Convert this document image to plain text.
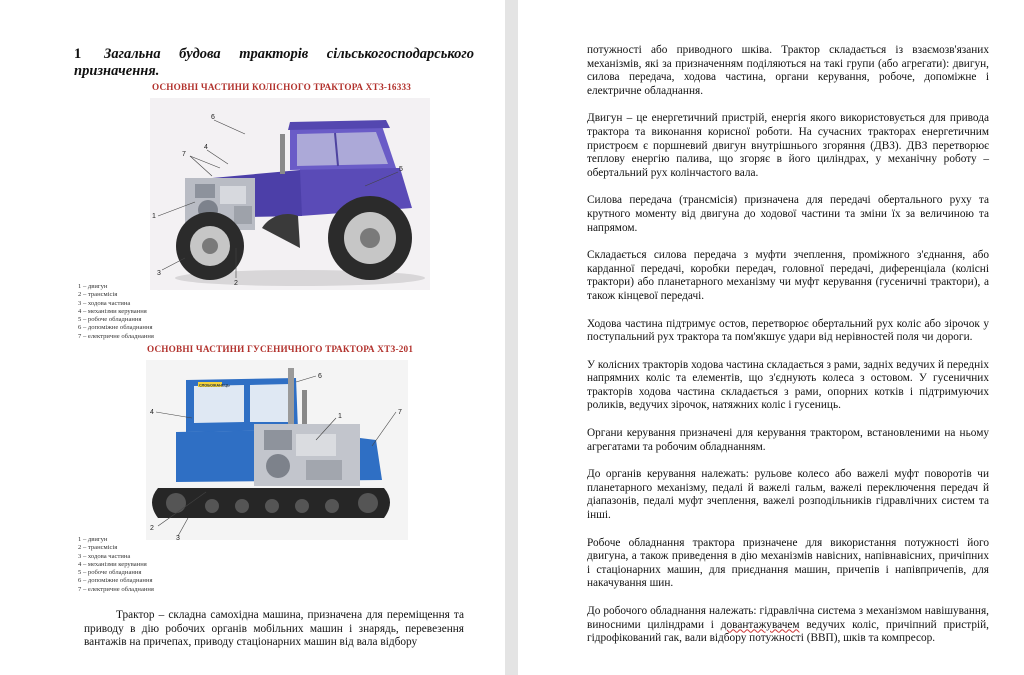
1 Загальна будова тракторів сільськогосподарського
призначення.
ОСНОВНІ ЧАСТИНИ КОЛІСНОГО ТРАКТОРА ХТЗ-16333
6
7
4
5
1
2
3
1 – двигун
2 – трансмісія
3 – ходова частина
4 – механізми керування
5 – робоче обладнання
6 – допоміжне обладнання
7 – електричне обладнання
ОСНОВНІ ЧАСТИНИ ГУСЕНИЧНОГО ТРАКТОРА ХТЗ-201
СЛОБОЖАНЕЦЬ
6
4
1
7
2
3
1 – двигун
2 – трансмісія
3 – ходова частина
4 – механізми керування
5 – робоче обладнання
6 – допоміжне обладнання
7 – електричне обладнання

Трактор – складна самохідна машина, призначена для переміщення та приводу в дію робочих органів мобільних машин і знарядь, перевезення вантажів на причепах, приводу стаціонарних машин від вала відбору

потужності або приводного шківа. Трактор складається із взаємозв'язаних механізмів, які за призначенням поділяються на такі групи (або агрегати): двигун, силова передача, ходова частина, органи керування, робоче, допоміжне і електричне обладнання.

Двигун – це енергетичний пристрій, енергія якого використовується для привода трактора та виконання корисної роботи. На сучасних тракторах енергетичним пристроєм є поршневий двигун внутрішнього згоряння (ДВЗ). ДВЗ перетворює теплову енергію палива, що згоряє в його циліндрах, у механічну роботу – обертальний рух колінчастого вала.

Силова передача (трансмісія) призначена для передачі обертального руху та крутного моменту від двигуна до ходової частини та зміни їх за величиною та напрямом.

Складається силова передача з муфти зчеплення, проміжного з'єднання, або карданної передачі, коробки передач, головної передачі, диференціала (колісні трактори) або планетарного механізму чи муфт керування (гусеничні трактори), а також кінцевої передачі.

Ходова частина підтримує остов, перетворює обертальний рух коліс або зірочок у поступальний рух трактора та пом'якшує удари від нерівностей поля чи дороги.

У колісних тракторів ходова частина складається з рами, задніх ведучих й передніх напрямних коліс та елементів, що з'єднують колеса з остовом. У гусеничних тракторів ходова частина складається з рами, опорних котків і підтримуючих роликів, ведучих зірочок, натяжних коліс і гусениць.

Органи керування призначені для керування трактором, встановленими на ньому агрегатами та робочим обладнанням.

До органів керування належать: рульове колесо або важелі муфт поворотів чи планетарного механізму, педалі й важелі гальм, важелі переключення передач й діапазонів, педалі муфт зчеплення, важелі розподільників гідравлічних систем та інші.

Робоче обладнання трактора призначене для використання потужності його двигуна, а також приведення в дію механізмів навісних, напівнавісних, причіпних і стаціонарних машин, для приєднання машин, причепів і напівпричепів, для накачування шин.

До робочого обладнання належать: гідравлічна система з механізмом навішування, виносними циліндрами і довантажувачем ведучих коліс, причіпний пристрій, гідрофікований гак, вали відбору потужності (ВВП), шків та компресор.
